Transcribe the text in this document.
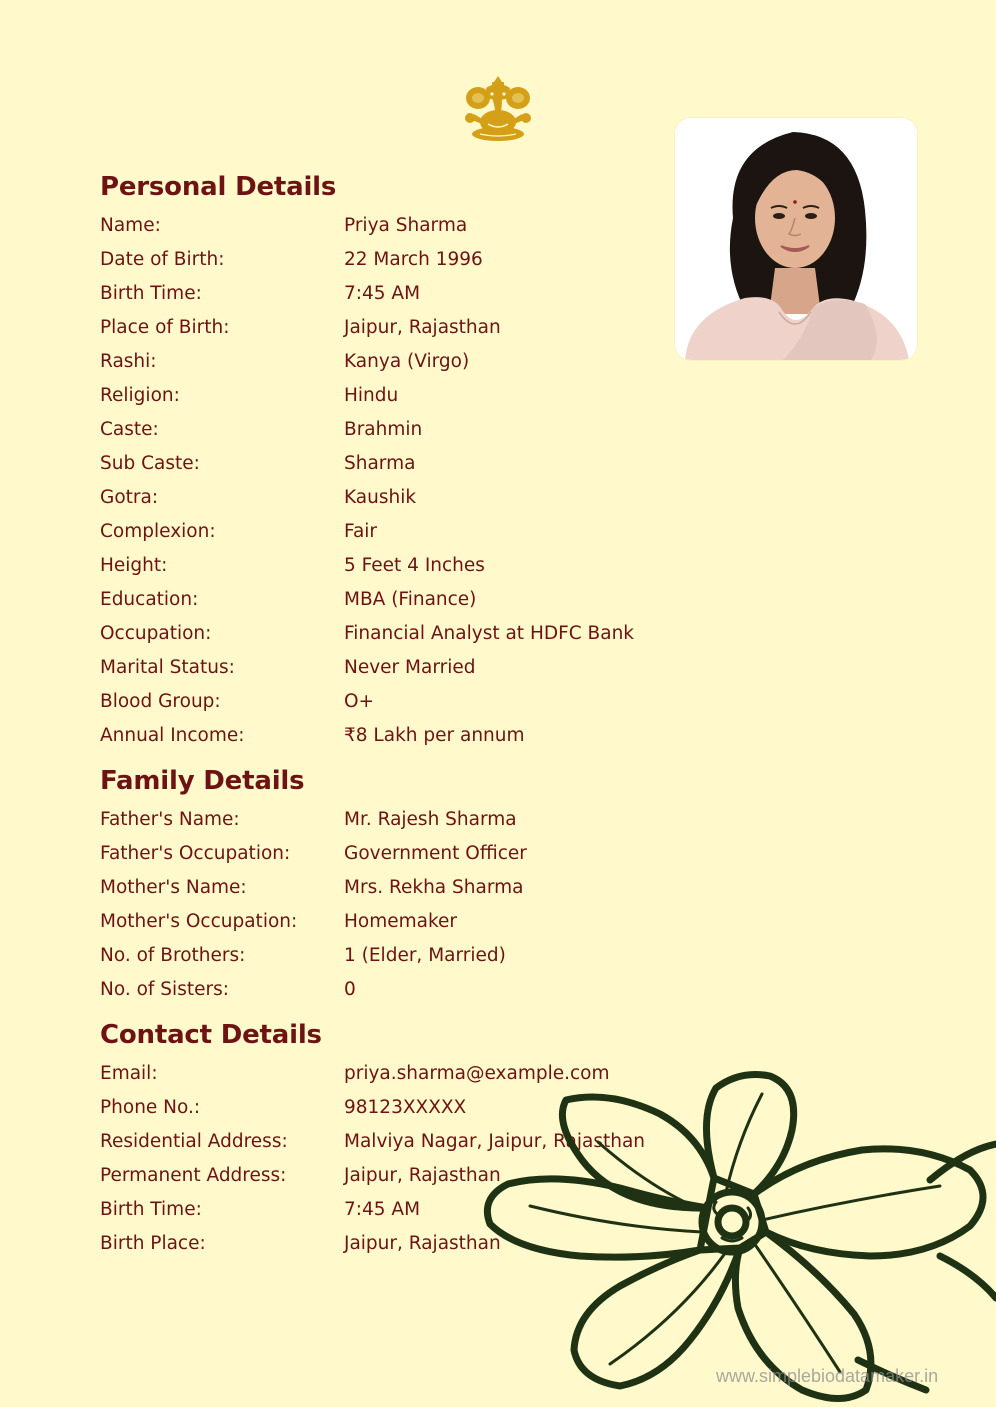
Personal Details
Name:	Priya Sharma
Date of Birth:	22 March 1996
Birth Time:	7:45 AM
Place of Birth:	Jaipur, Rajasthan
Rashi:	Kanya (Virgo)
Religion:	Hindu
Caste:	Brahmin
Sub Caste:	Sharma
Gotra:	Kaushik
Complexion:	Fair
Height:	5 Feet 4 Inches
Education:	MBA (Finance)
Occupation:	Financial Analyst at HDFC Bank
Marital Status:	Never Married
Blood Group:	O+
Annual Income:	₹8 Lakh per annum
Family Details
Father's Name:	Mr. Rajesh Sharma
Father's Occupation:	Government Officer
Mother's Name:	Mrs. Rekha Sharma
Mother's Occupation:	Homemaker
No. of Brothers:	1 (Elder, Married)
No. of Sisters:	0
Contact Details
Email:	priya.sharma@example.com
Phone No.:	98123XXXXX
Residential Address:	Malviya Nagar, Jaipur, Rajasthan
Permanent Address:	Jaipur, Rajasthan
Birth Time:	7:45 AM
Birth Place:	Jaipur, Rajasthan
www.simplebiodatamaker.in
